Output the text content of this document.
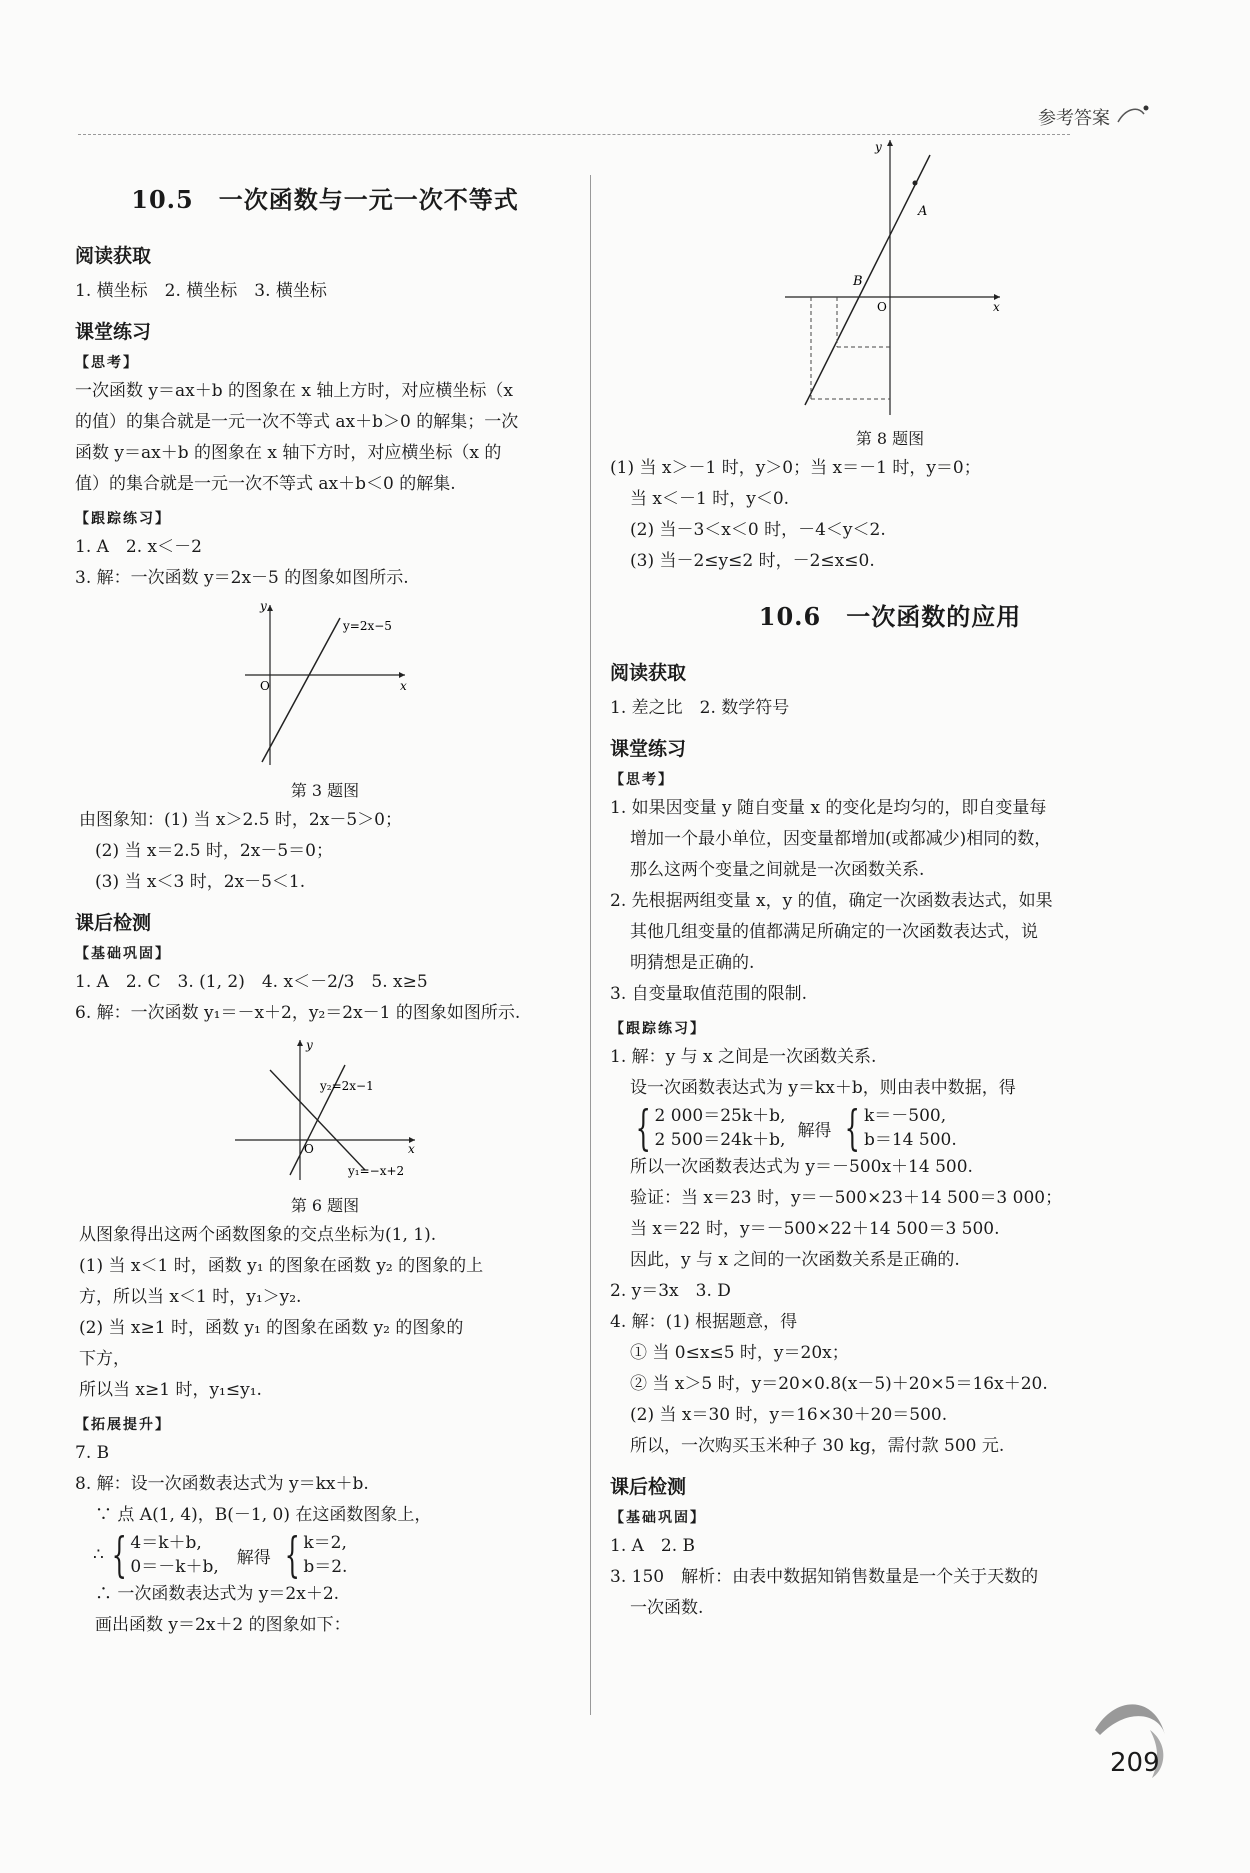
参考答案
10.5　一次函数与一元一次不等式
阅读获取

1. 横坐标　2. 横坐标　3. 横坐标

课堂练习
【思考】

一次函数 y＝ax＋b 的图象在 x 轴上方时，对应横坐标（x

的值）的集合就是一元一次不等式 ax＋b＞0 的解集；一次

函数 y＝ax＋b 的图象在 x 轴下方时，对应横坐标（x 的

值）的集合就是一元一次不等式 ax＋b＜0 的解集.

【跟踪练习】

1. A　2. x＜－2

3. 解：一次函数 y＝2x－5 的图象如图所示.

x
y
O
y=2x−5
第 3 题图

由图象知：(1) 当 x＞2.5 时，2x－5＞0；

(2) 当 x＝2.5 时，2x－5＝0；

(3) 当 x＜3 时，2x－5＜1.

课后检测
【基础巩固】

1. A　2. C　3. (1, 2)　4. x＜－2/3　5. x≥5

6. 解：一次函数 y₁＝－x＋2，y₂＝2x－1 的图象如图所示.

x
y
O
y₂=2x−1
y₁=−x+2
第 6 题图

从图象得出这两个函数图象的交点坐标为(1, 1).

(1) 当 x＜1 时，函数 y₁ 的图象在函数 y₂ 的图象的上

方，所以当 x＜1 时，y₁＞y₂.

(2) 当 x≥1 时，函数 y₁ 的图象在函数 y₂ 的图象的

下方，

所以当 x≥1 时，y₁≤y₁.

【拓展提升】

7. B

8. 解：设一次函数表达式为 y＝kx＋b.

∵ 点 A(1, 4)，B(－1, 0) 在这函数图象上，

∴ { 4＝k＋b,
0＝－k＋b, 解得 { k＝2,
b＝2.

∴ 一次函数表达式为 y＝2x＋2.

画出函数 y＝2x＋2 的图象如下：

x
y
O
A
B
第 8 题图

(1) 当 x＞－1 时，y＞0；当 x＝－1 时，y＝0；

当 x＜－1 时，y＜0.

(2) 当－3＜x＜0 时，－4＜y＜2.

(3) 当－2≤y≤2 时，－2≤x≤0.

10.6　一次函数的应用
阅读获取

1. 差之比　2. 数学符号

课堂练习
【思考】

1. 如果因变量 y 随自变量 x 的变化是均匀的，即自变量每

增加一个最小单位，因变量都增加(或都减少)相同的数，

那么这两个变量之间就是一次函数关系.

2. 先根据两组变量 x，y 的值，确定一次函数表达式，如果

其他几组变量的值都满足所确定的一次函数表达式，说

明猜想是正确的.

3. 自变量取值范围的限制.

【跟踪练习】

1. 解：y 与 x 之间是一次函数关系.

设一次函数表达式为 y＝kx＋b，则由表中数据，得

{ 2 000＝25k＋b,
2 500＝24k＋b, 解得 { k＝－500,
b＝14 500.

所以一次函数表达式为 y＝－500x＋14 500.

验证：当 x＝23 时，y＝－500×23＋14 500＝3 000；

当 x＝22 时，y＝－500×22＋14 500＝3 500.

因此，y 与 x 之间的一次函数关系是正确的.

2. y＝3x　3. D

4. 解：(1) 根据题意，得

① 当 0≤x≤5 时，y＝20x；

② 当 x＞5 时，y＝20×0.8(x－5)＋20×5＝16x＋20.

(2) 当 x＝30 时，y＝16×30＋20＝500.

所以，一次购买玉米种子 30 kg，需付款 500 元.

课后检测
【基础巩固】

1. A　2. B

3. 150　解析：由表中数据知销售数量是一个关于天数的

一次函数.

209
